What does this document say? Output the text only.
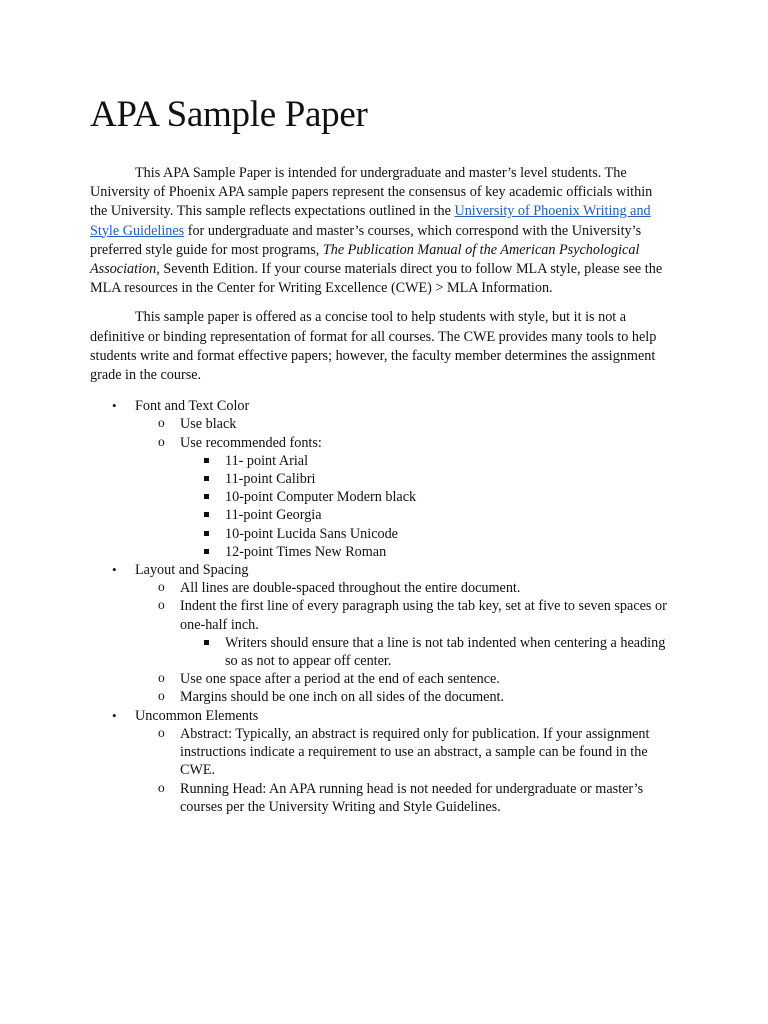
APA Sample Paper

This APA Sample Paper is intended for undergraduate and master’s level students. The University of Phoenix APA sample papers represent the consensus of key academic officials within the University. This sample reflects expectations outlined in the University of Phoenix Writing and Style Guidelines for undergraduate and master’s courses, which correspond with the University’s preferred style guide for most programs, The Publication Manual of the American Psychological Association, Seventh Edition. If your course materials direct you to follow MLA style, please see the MLA resources in the Center for Writing Excellence (CWE) > MLA Information.

This sample paper is offered as a concise tool to help students with style, but it is not a definitive or binding representation of format for all courses. The CWE provides many tools to help students write and format effective papers; however, the faculty member determines the assignment grade in the course.

• Font and Text Color
o Use black
o Use recommended fonts:
11- point Arial
11-point Calibri
10-point Computer Modern black
11-point Georgia
10-point Lucida Sans Unicode
12-point Times New Roman
• Layout and Spacing
o All lines are double-spaced throughout the entire document.
o Indent the first line of every paragraph using the tab key, set at five to seven spaces or one-half inch.
Writers should ensure that a line is not tab indented when centering a heading so as not to appear off center.
o Use one space after a period at the end of each sentence.
o Margins should be one inch on all sides of the document.
• Uncommon Elements
o Abstract: Typically, an abstract is required only for publication. If your assignment instructions indicate a requirement to use an abstract, a sample can be found in the CWE.
o Running Head: An APA running head is not needed for undergraduate or master’s courses per the University Writing and Style Guidelines.
